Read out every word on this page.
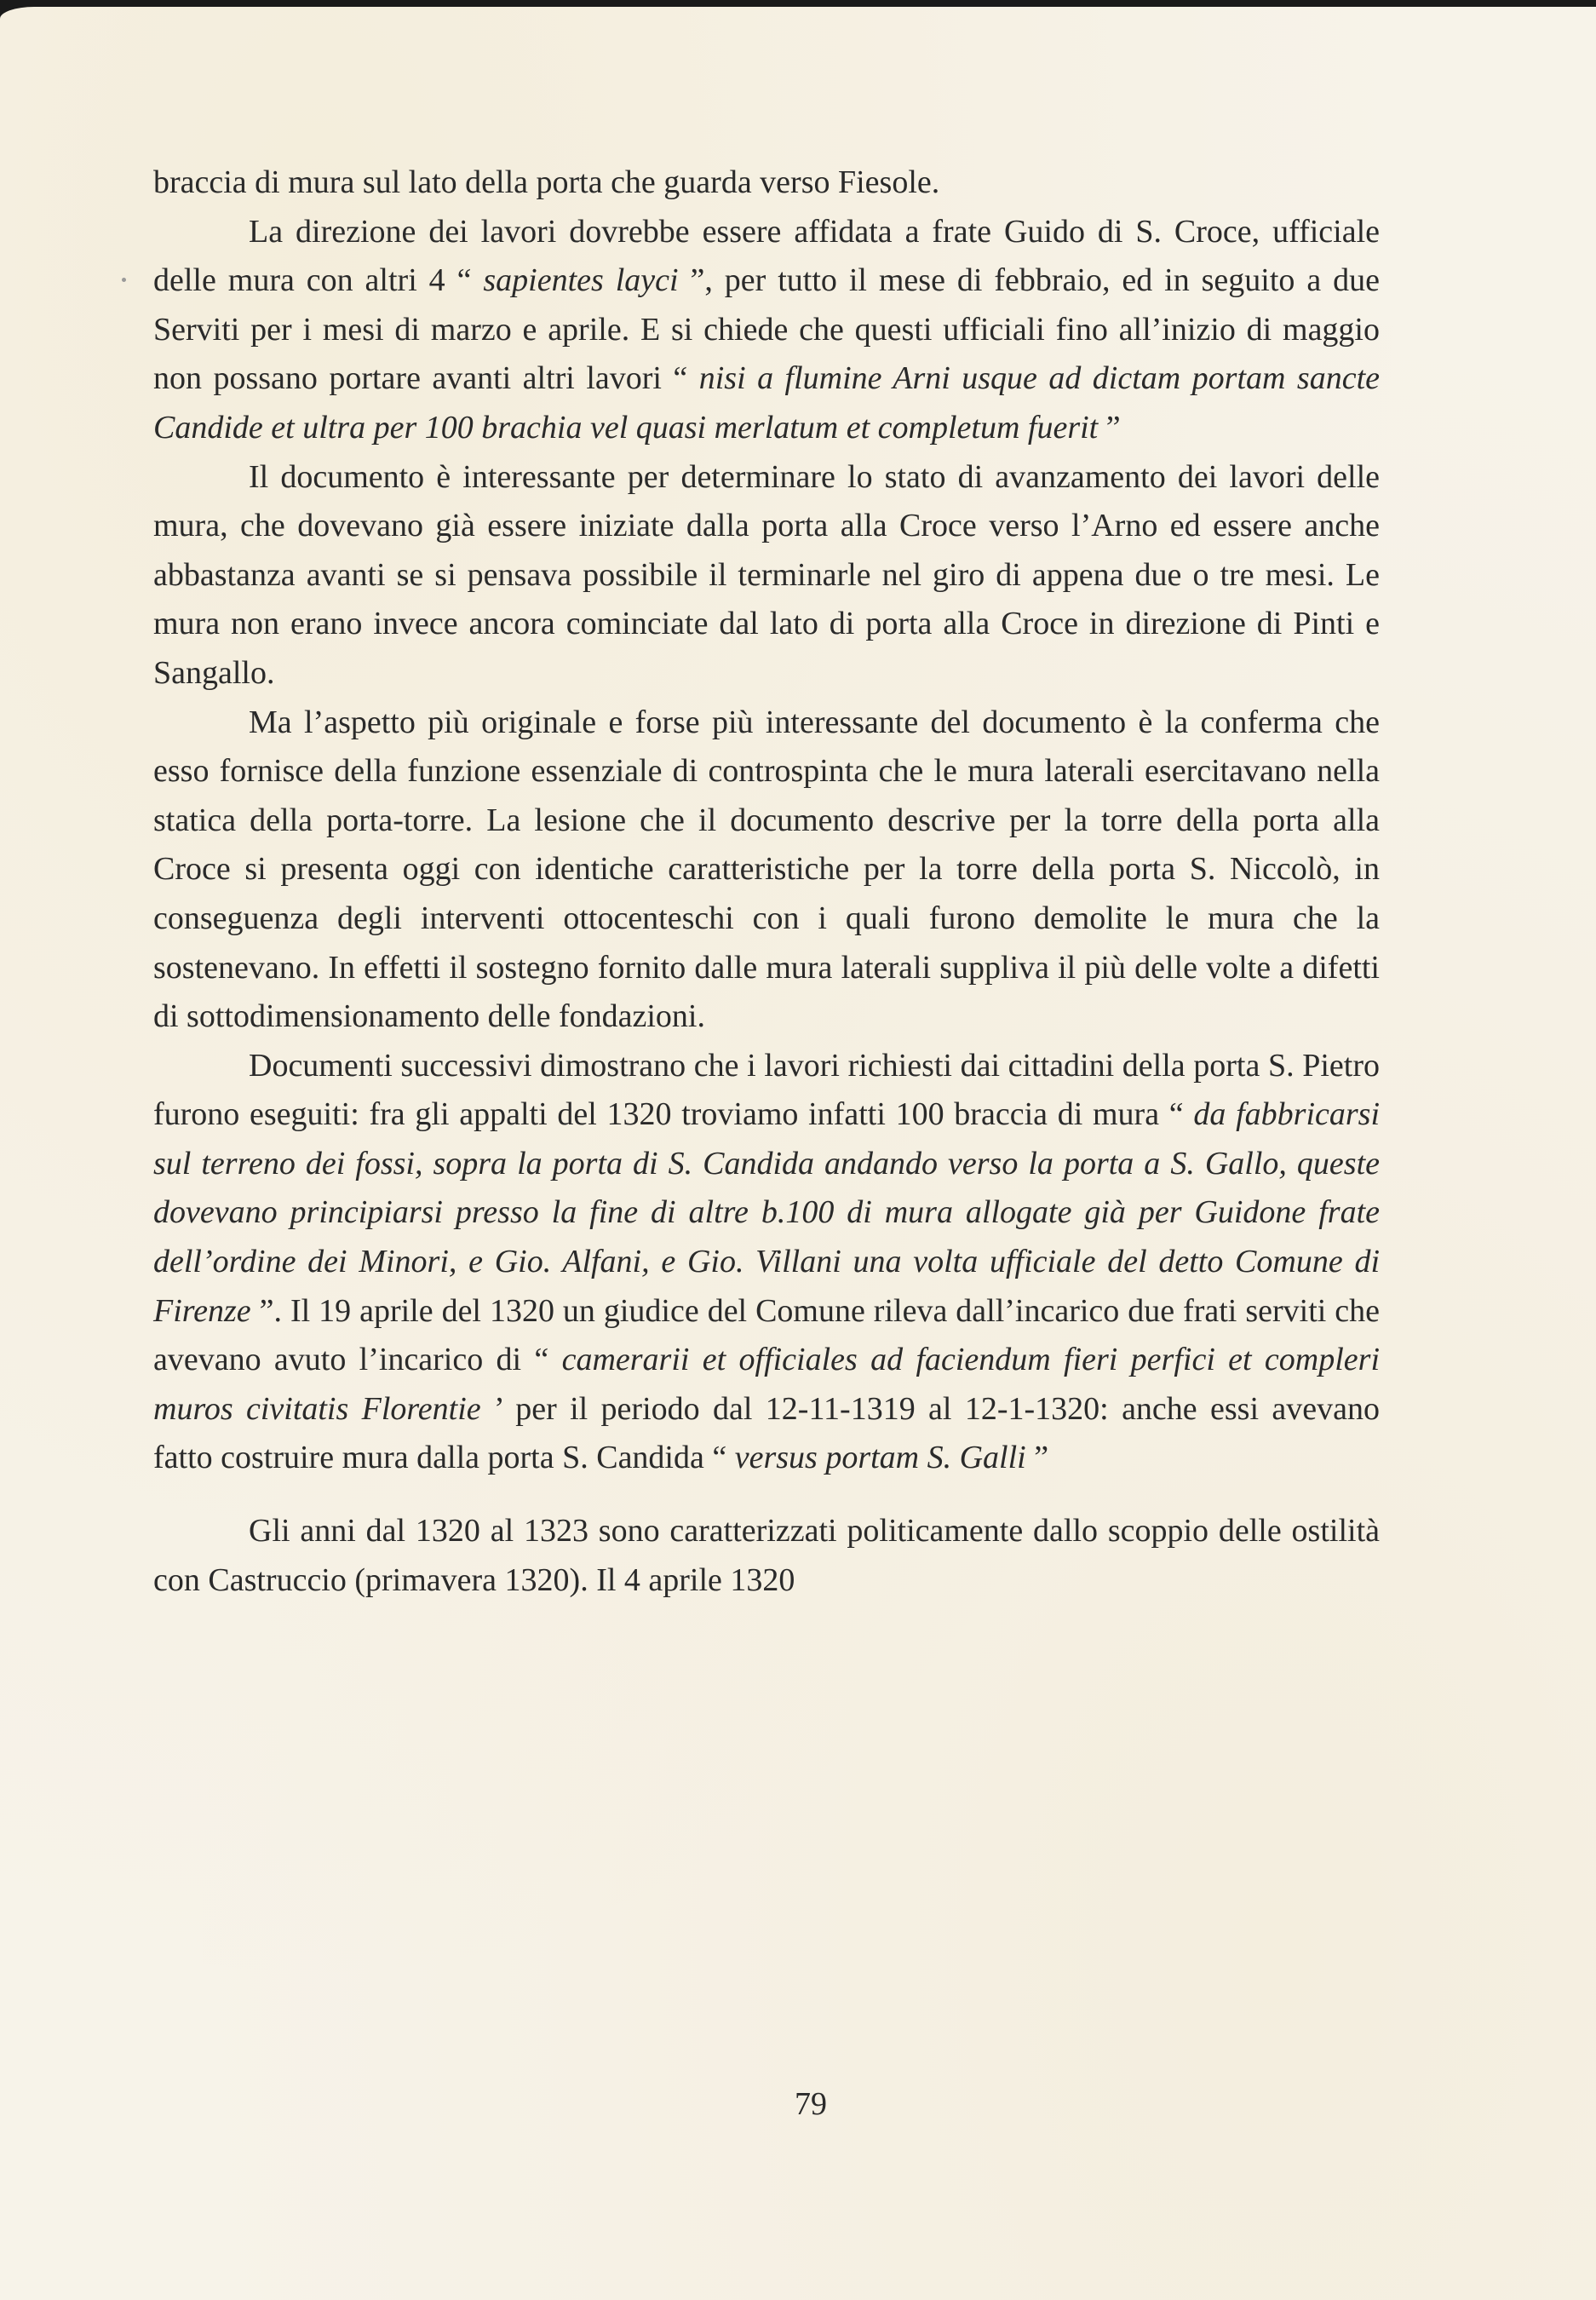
braccia di mura sul lato della porta che guarda verso Fiesole.

La direzione dei lavori dovrebbe essere affidata a frate Guido di S. Croce, ufficiale delle mura con altri 4 “ sapientes layci ”, per tutto il mese di febbraio, ed in seguito a due Serviti per i mesi di marzo e aprile. E si chiede che questi ufficiali fino all’inizio di maggio non possano portare avanti altri lavori “ nisi a flumine Arni usque ad dictam portam sancte Candide et ultra per 100 brachia vel quasi merlatum et completum fuerit ”

Il documento è interessante per determinare lo stato di avanzamento dei lavori delle mura, che dovevano già essere iniziate dalla porta alla Croce verso l’Arno ed essere anche abbastanza avanti se si pensava possibile il terminarle nel giro di appena due o tre mesi. Le mura non erano invece ancora cominciate dal lato di porta alla Croce in direzione di Pinti e Sangallo.

Ma l’aspetto più originale e forse più interessante del documento è la conferma che esso fornisce della funzione essenziale di controspinta che le mura laterali esercitavano nella statica della porta-torre. La lesione che il documento descrive per la torre della porta alla Croce si presenta oggi con identiche caratteristiche per la torre della porta S. Niccolò, in conseguenza degli interventi ottocenteschi con i quali furono demolite le mura che la sostenevano. In effetti il sostegno fornito dalle mura laterali suppliva il più delle volte a difetti di sottodimensionamento delle fondazioni.

Documenti successivi dimostrano che i lavori richiesti dai cittadini della porta S. Pietro furono eseguiti: fra gli appalti del 1320 troviamo infatti 100 braccia di mura “ da fabbricarsi sul terreno dei fossi, sopra la porta di S. Candida andando verso la porta a S. Gallo, queste dovevano principiarsi presso la fine di altre b.100 di mura allogate già per Guidone frate dell’ordine dei Minori, e Gio. Alfani, e Gio. Villani una volta ufficiale del detto Comune di Firenze ”. Il 19 aprile del 1320 un giudice del Comune rileva dall’incarico due frati serviti che avevano avuto l’incarico di “ camerarii et officiales ad faciendum fieri perfici et compleri muros civitatis Florentie ’ per il periodo dal 12-11-1319 al 12-1-1320: anche essi avevano fatto costruire mura dalla porta S. Candida “ versus portam S. Galli ”

Gli anni dal 1320 al 1323 sono caratterizzati politicamente dallo scoppio delle ostilità con Castruccio (primavera 1320). Il 4 aprile 1320

79
